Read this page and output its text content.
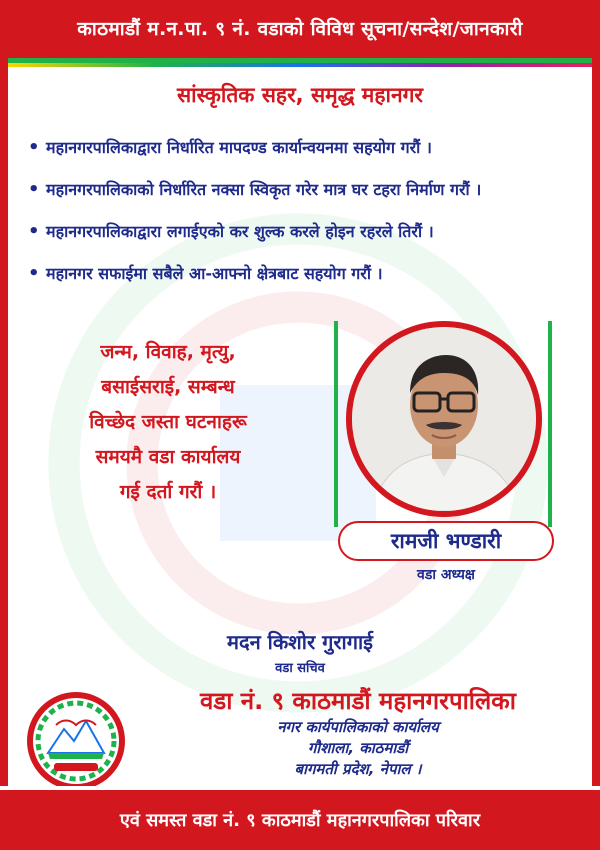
काठमाडौं म.न.पा. ९ नं. वडाको विविध सूचना/सन्देश/जानकारी
सांस्कृतिक सहर, समृद्ध महानगर
• महानगरपालिकाद्वारा निर्धारित मापदण्ड कार्यान्वयनमा सहयोग गरौं ।
• महानगरपालिकाको निर्धारित नक्सा स्विकृत गरेर मात्र घर टहरा निर्माण गरौं ।
• महानगरपालिकाद्वारा लगाईएको कर शुल्क करले होइन रहरले तिरौं ।
• महानगर सफाईमा सबैले आ-आफ्नो क्षेत्रबाट सहयोग गरौं ।
जन्म, विवाह, मृत्यु,
बसाईसराई, सम्बन्ध
विच्छेद जस्ता घटनाहरू
समयमै वडा कार्यालय
गई दर्ता गरौं ।
रामजी भण्डारी
वडा अध्यक्ष
मदन किशोर गुरागाई
वडा सचिव
वडा नं. ९ काठमाडौं महानगरपालिका
नगर कार्यपालिकाको कार्यालय
गौशाला, काठमाडौं
बागमती प्रदेश, नेपाल ।
एवं समस्त वडा नं. ९ काठमाडौं महानगरपालिका परिवार
